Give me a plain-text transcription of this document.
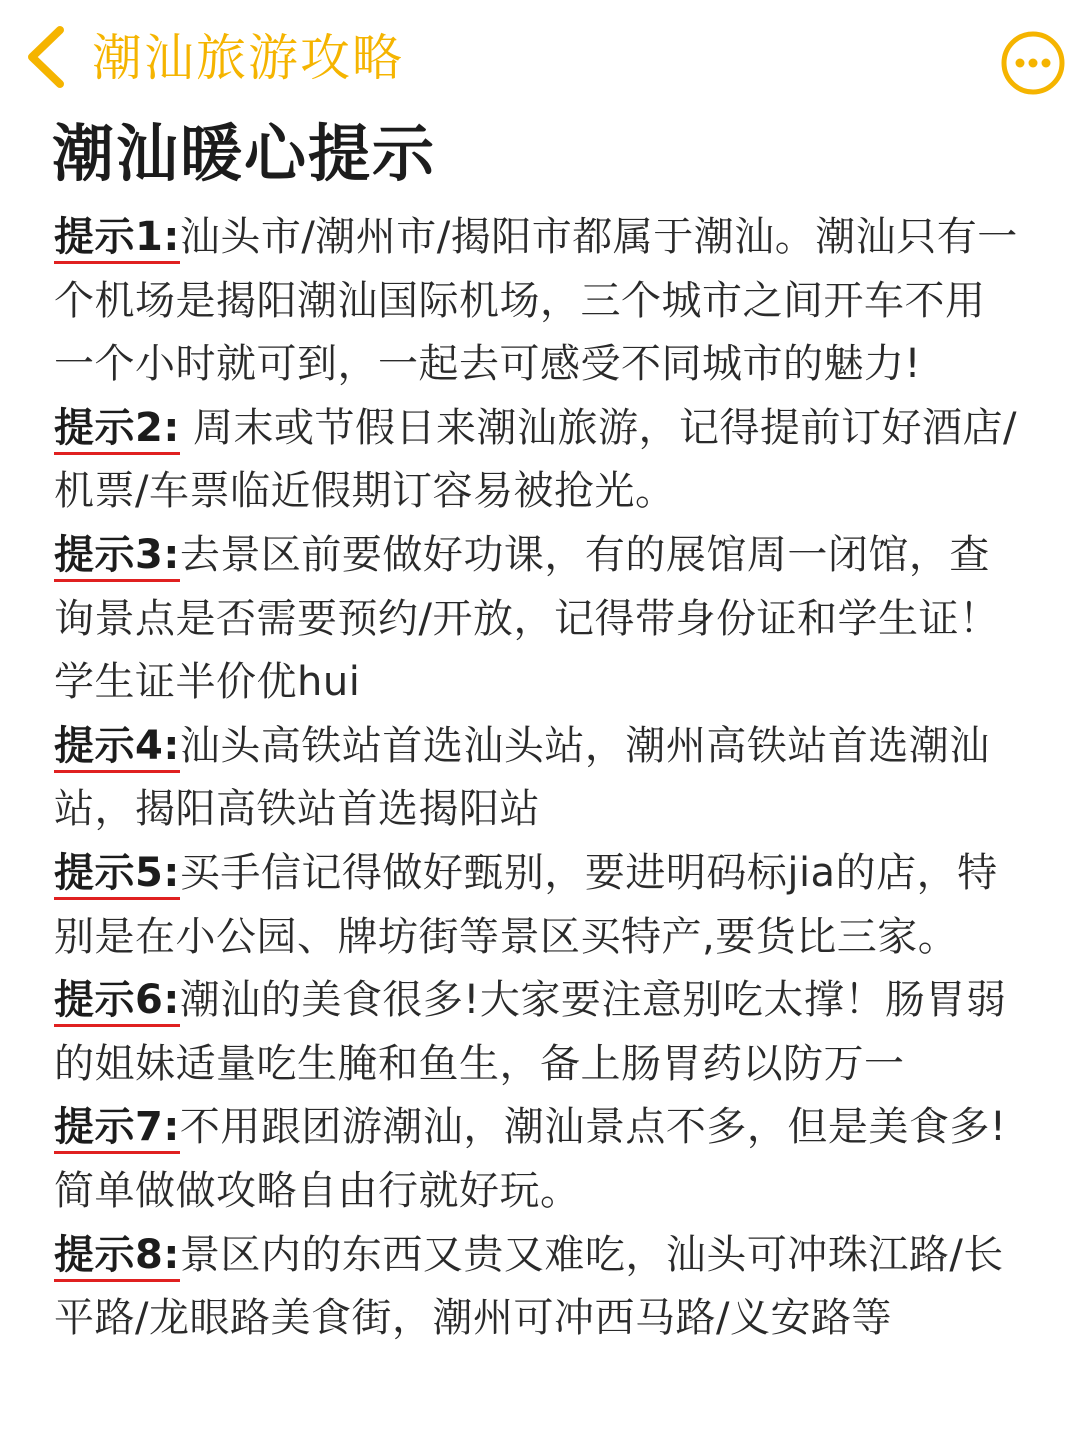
潮汕旅游攻略
潮汕暖心提示

提示1:汕头市/潮州市/揭阳市都属于潮汕。潮汕只有一个机场是揭阳潮汕国际机场，三个城市之间开车不用一个小时就可到，一起去可感受不同城市的魅力!

提示2: 周末或节假日来潮汕旅游，记得提前订好酒店/机票/车票临近假期订容易被抢光。

提示3:去景区前要做好功课，有的展馆周一闭馆，查询景点是否需要预约/开放，记得带身份证和学生证！学生证半价优hui

提示4:汕头高铁站首选汕头站，潮州高铁站首选潮汕站，揭阳高铁站首选揭阳站

提示5:买手信记得做好甄别，要进明码标jia的店，特别是在小公园、牌坊街等景区买特产,要货比三家。

提示6:潮汕的美食很多!大家要注意别吃太撑！肠胃弱的姐妹适量吃生腌和鱼生，备上肠胃药以防万一

提示7:不用跟团游潮汕，潮汕景点不多，但是美食多!简单做做攻略自由行就好玩。

提示8:景区内的东西又贵又难吃，汕头可冲珠江路/长平路/龙眼路美食街，潮州可冲西马路/义安路等
